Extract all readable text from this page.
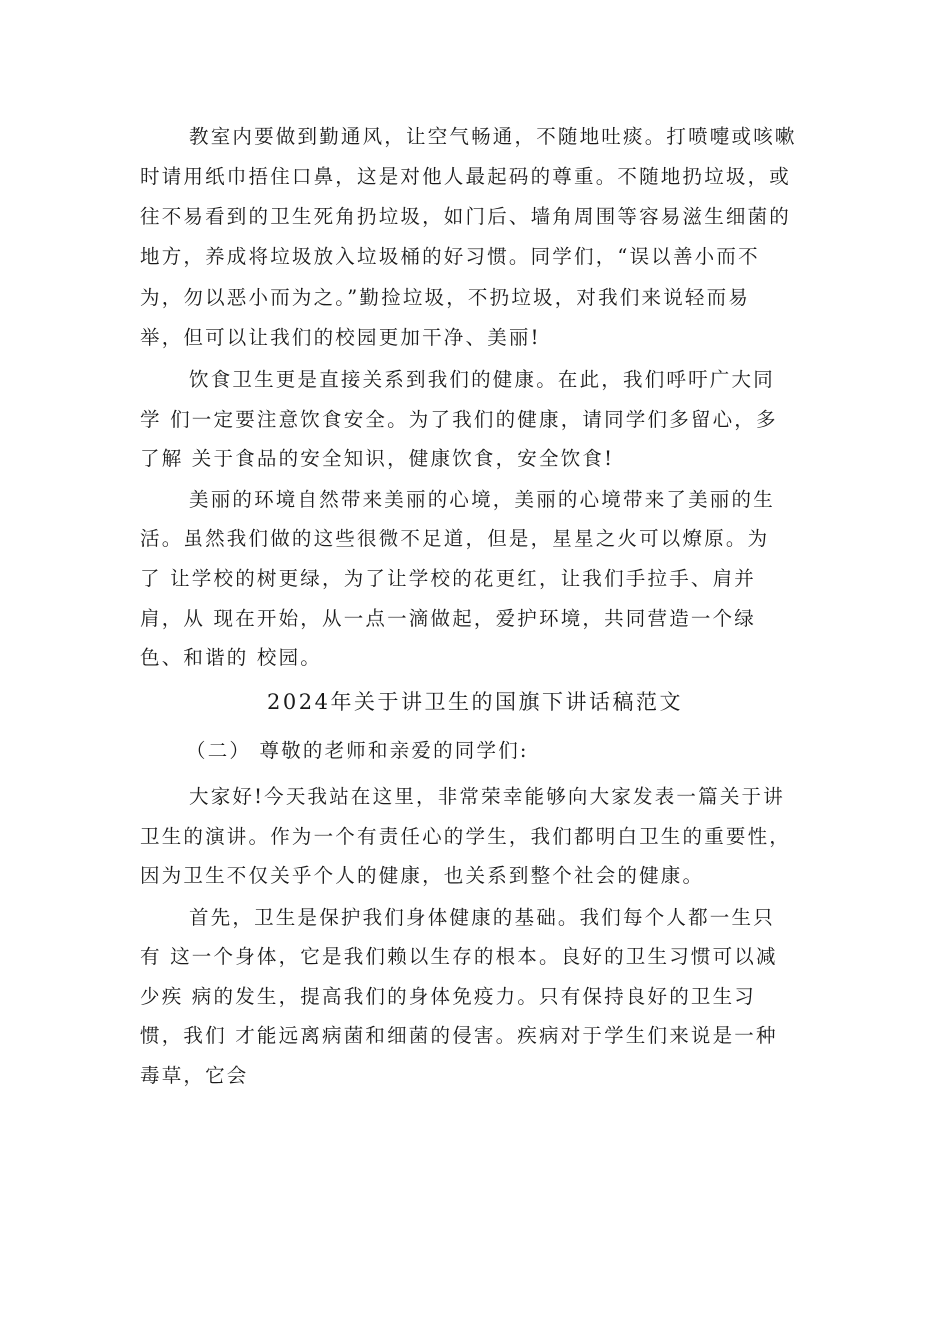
教室内要做到勤通风，让空气畅通，不随地吐痰。打喷嚏或咳嗽
时请用纸巾捂住口鼻，这是对他人最起码的尊重。不随地扔垃圾，或
往不易看到的卫生死角扔垃圾，如门后、墙角周围等容易滋生细菌的
地方，养成将垃圾放入垃圾桶的好习惯。同学们，“误以善小而不
为，勿以恶小而为之。”勤捡垃圾，不扔垃圾，对我们来说轻而易
举，但可以让我们的校园更加干净、美丽!
饮食卫生更是直接关系到我们的健康。在此，我们呼吁广大同
学 们一定要注意饮食安全。为了我们的健康，请同学们多留心，多
了解 关于食品的安全知识，健康饮食，安全饮食!
美丽的环境自然带来美丽的心境，美丽的心境带来了美丽的生
活。虽然我们做的这些很微不足道，但是，星星之火可以燎原。为
了 让学校的树更绿，为了让学校的花更红，让我们手拉手、肩并
肩，从 现在开始，从一点一滴做起，爱护环境，共同营造一个绿
色、和谐的 校园。
2024年关于讲卫生的国旗下讲话稿范文
（二） 尊敬的老师和亲爱的同学们:
大家好!今天我站在这里，非常荣幸能够向大家发表一篇关于讲
卫生的演讲。作为一个有责任心的学生，我们都明白卫生的重要性，
因为卫生不仅关乎个人的健康，也关系到整个社会的健康。
首先，卫生是保护我们身体健康的基础。我们每个人都一生只
有 这一个身体，它是我们赖以生存的根本。良好的卫生习惯可以减
少疾 病的发生，提高我们的身体免疫力。只有保持良好的卫生习
惯，我们 才能远离病菌和细菌的侵害。疾病对于学生们来说是一种
毒草，它会
